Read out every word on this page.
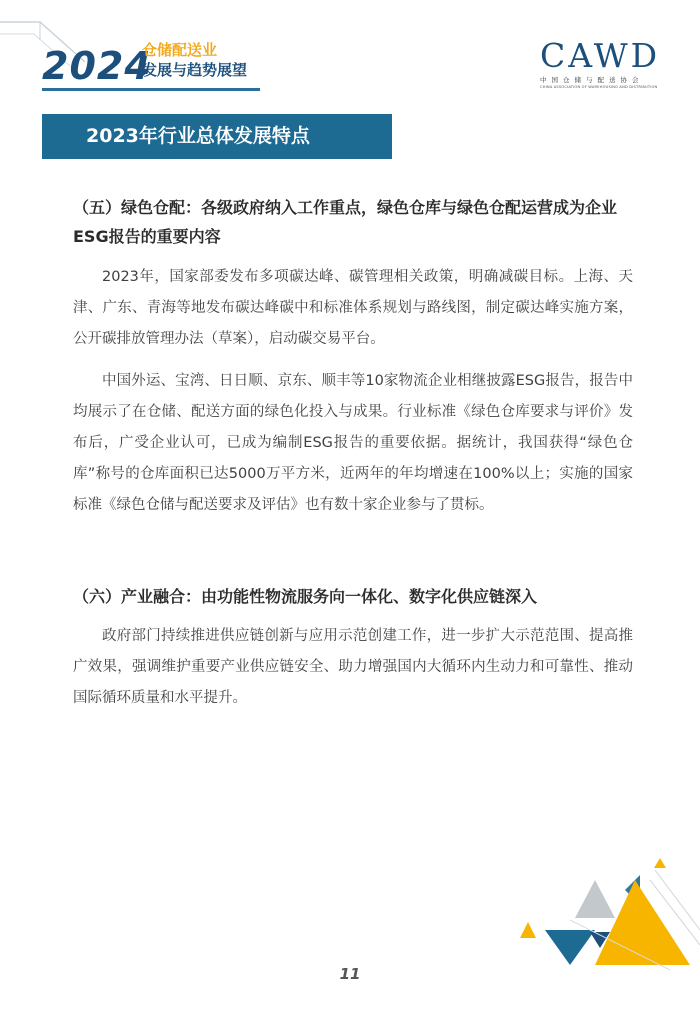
2024
仓储配送业
发展与趋势展望	CAWD
中国仓储与配送协会
CHINA ASSOCIATION OF WAREHOUSING AND DISTRIBUTION
2023年行业总体发展特点

（五）绿色仓配：各级政府纳入工作重点，绿色仓库与绿色仓配运营成为企业ESG报告的重要内容

2023年，国家部委发布多项碳达峰、碳管理相关政策，明确减碳目标。上海、天津、广东、青海等地发布碳达峰碳中和标准体系规划与路线图，制定碳达峰实施方案，公开碳排放管理办法（草案），启动碳交易平台。

中国外运、宝湾、日日顺、京东、顺丰等10家物流企业相继披露ESG报告，报告中均展示了在仓储、配送方面的绿色化投入与成果。行业标准《绿色仓库要求与评价》发布后，广受企业认可，已成为编制ESG报告的重要依据。据统计，我国获得“绿色仓库”称号的仓库面积已达5000万平方米，近两年的年均增速在100%以上；实施的国家标准《绿色仓储与配送要求及评估》也有数十家企业参与了贯标。

（六）产业融合：由功能性物流服务向一体化、数字化供应链深入

政府部门持续推进供应链创新与应用示范创建工作，进一步扩大示范范围、提高推广效果，强调维护重要产业供应链安全、助力增强国内大循环内生动力和可靠性、推动国际循环质量和水平提升。

11
